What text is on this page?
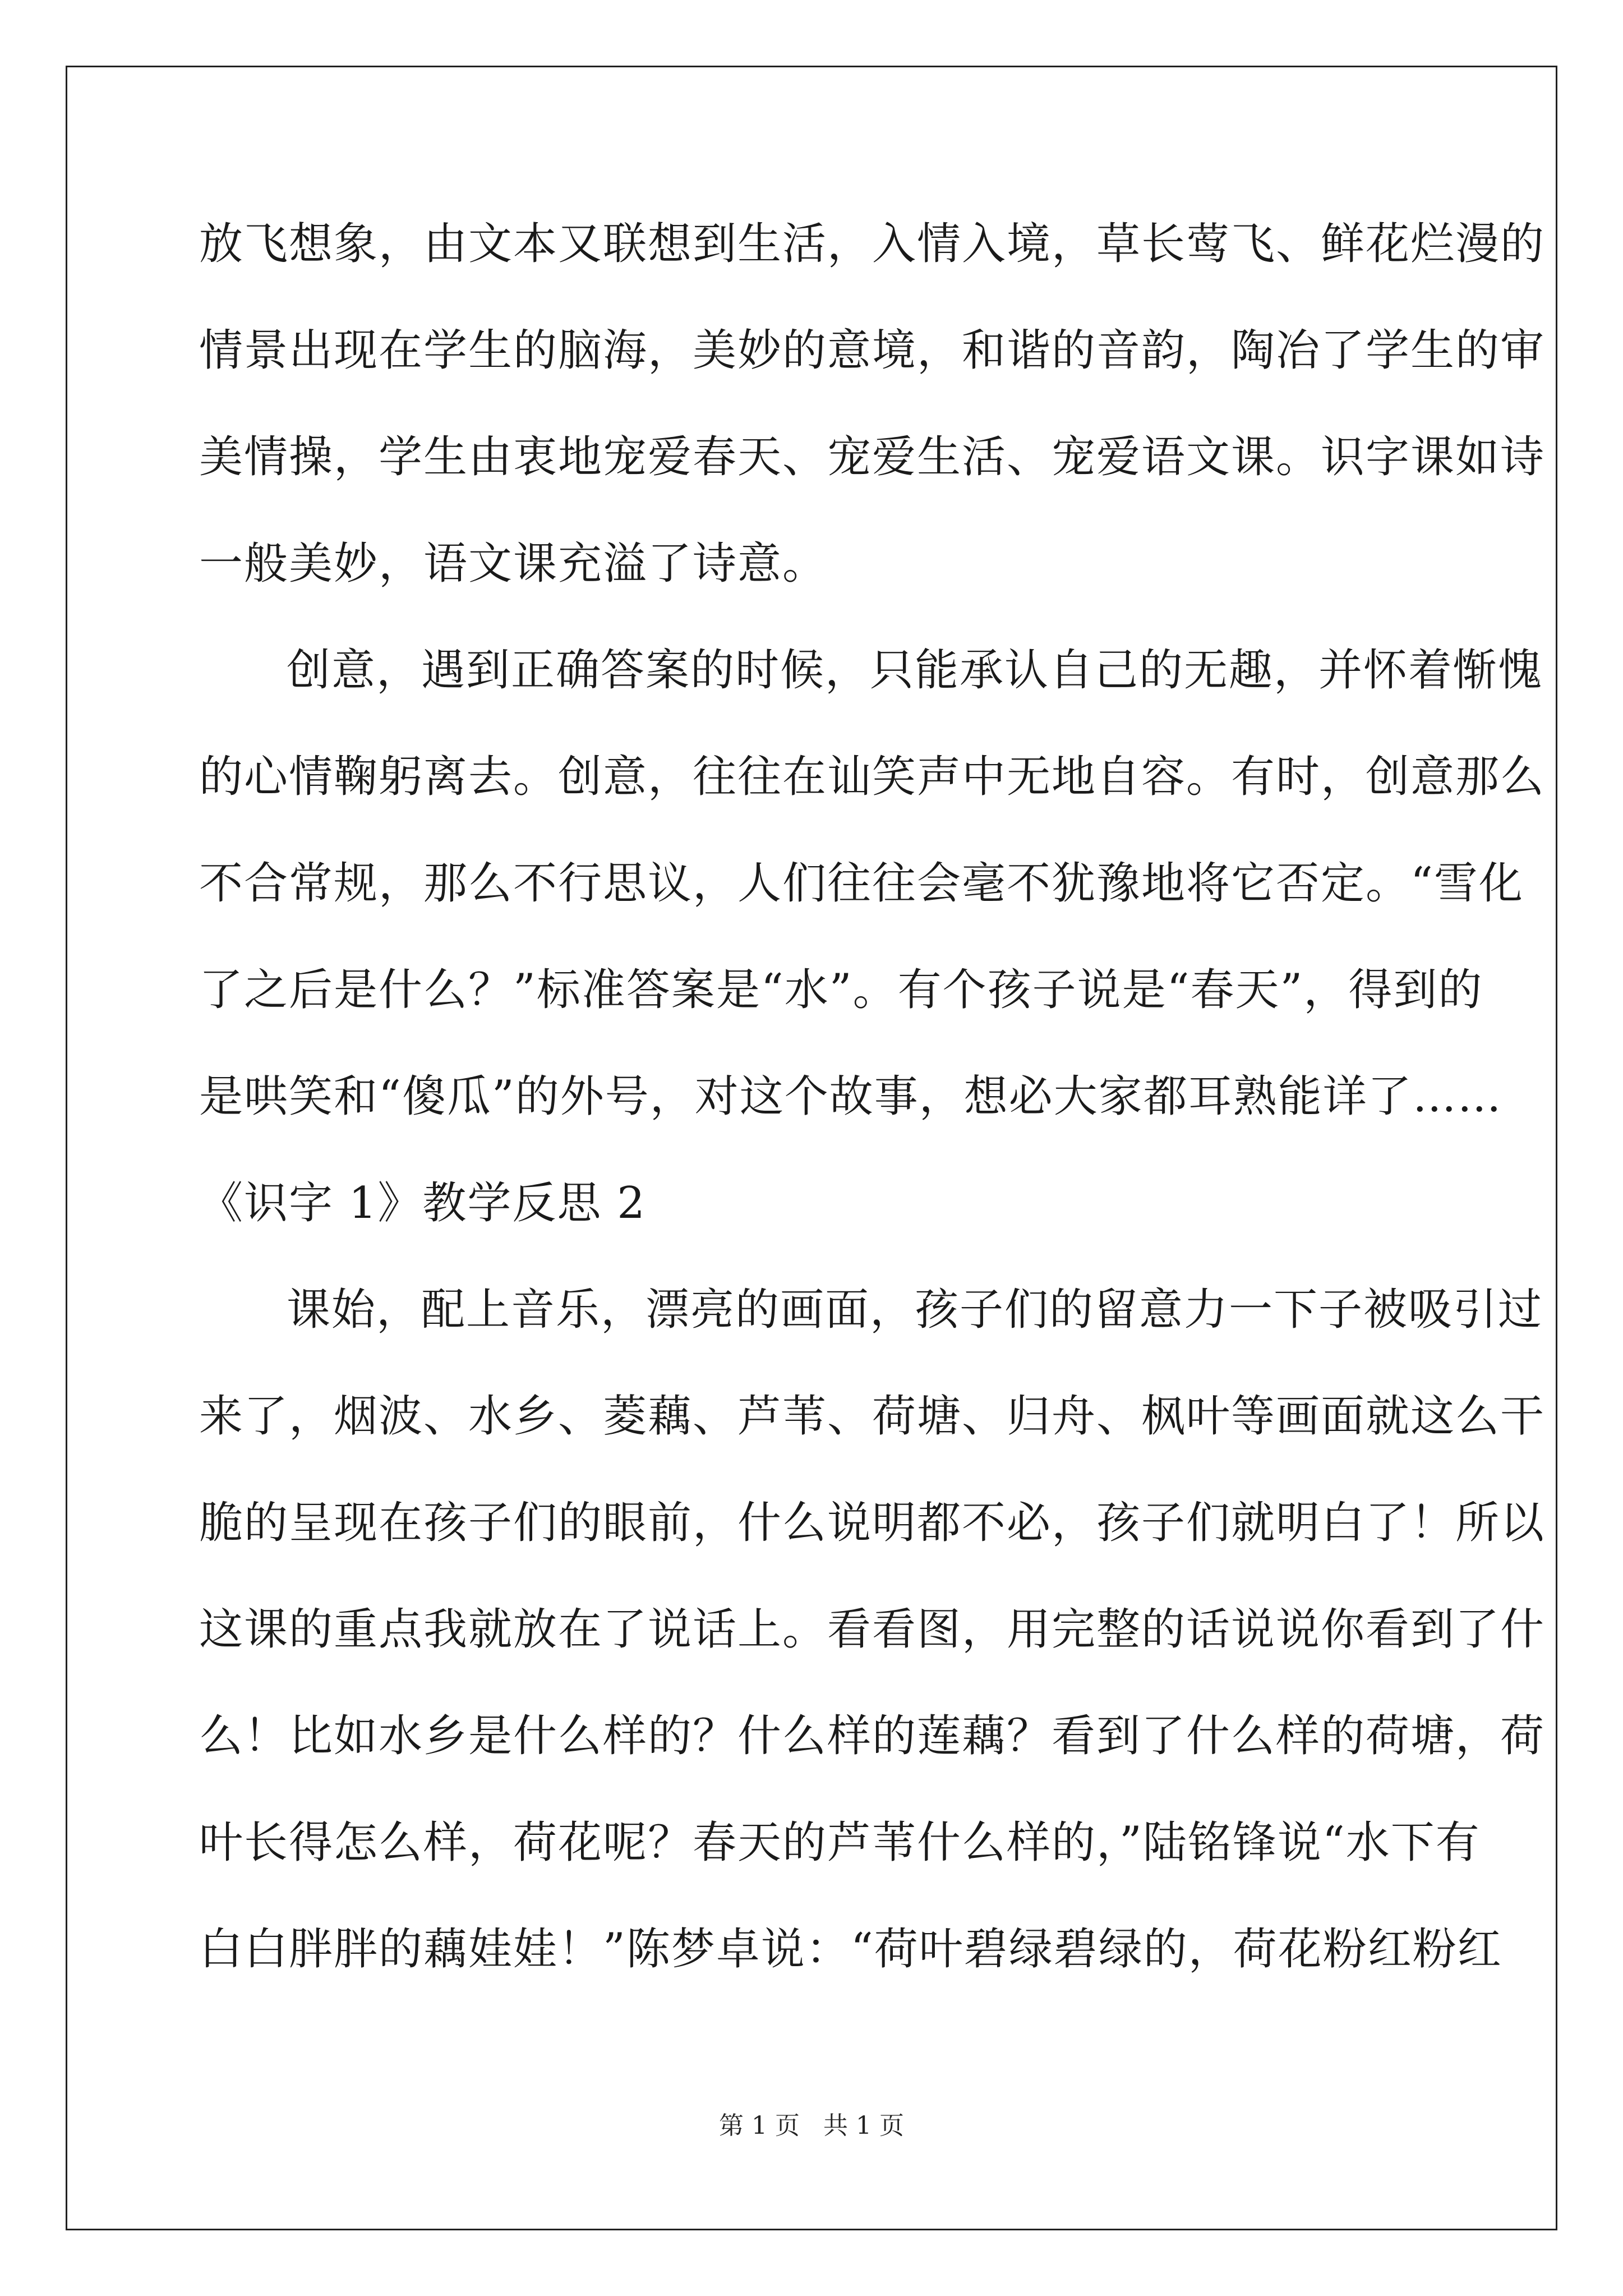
放飞想象，由文本又联想到生活，入情入境，草长莺飞、鲜花烂漫的
情景出现在学生的脑海，美妙的意境，和谐的音韵，陶冶了学生的审
美情操，学生由衷地宠爱春天、宠爱生活、宠爱语文课。识字课如诗
一般美妙，语文课充溢了诗意。
创意，遇到正确答案的时候，只能承认自己的无趣，并怀着惭愧
的心情鞠躬离去。创意，往往在讪笑声中无地自容。有时，创意那么
不合常规，那么不行思议，人们往往会毫不犹豫地将它否定。“雪化
了之后是什么？”标准答案是“水”。有个孩子说是“春天”，得到的
是哄笑和“傻瓜”的外号，对这个故事，想必大家都耳熟能详了……
《识字 1》教学反思 2
课始，配上音乐，漂亮的画面，孩子们的留意力一下子被吸引过
来了，烟波、水乡、菱藕、芦苇、荷塘、归舟、枫叶等画面就这么干
脆的呈现在孩子们的眼前，什么说明都不必，孩子们就明白了！所以
这课的重点我就放在了说话上。看看图，用完整的话说说你看到了什
么！比如水乡是什么样的？什么样的莲藕？看到了什么样的荷塘，荷
叶长得怎么样，荷花呢？春天的芦苇什么样的，”陆铭锋说“水下有
白白胖胖的藕娃娃！”陈梦卓说：“荷叶碧绿碧绿的，荷花粉红粉红
第 1 页   共 1 页
